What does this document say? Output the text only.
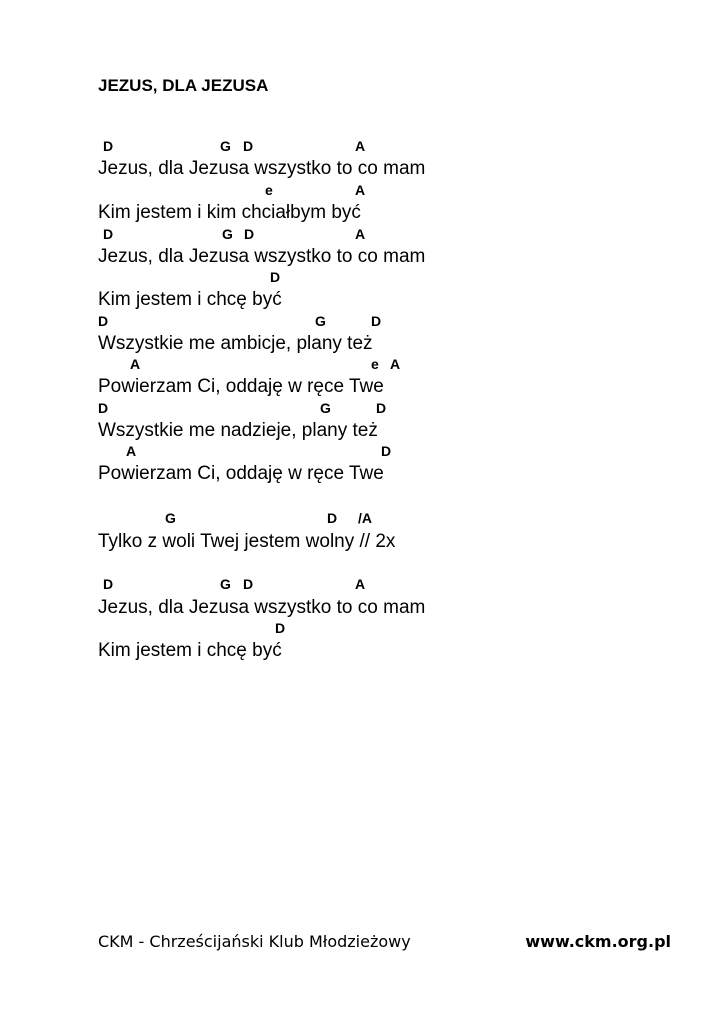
JEZUS, DLA JEZUSA
D	G D	A
Jezus, dla Jezusa wszystko to co mam
e	A
Kim jestem i kim chciałbym być
D	G D	A
Jezus, dla Jezusa wszystko to co mam
D
Kim jestem i chcę być
D	G	D
Wszystkie me ambicje, plany też
A	e A
Powierzam Ci, oddaję w ręce Twe
D	G	D
Wszystkie me nadzieje, plany też
A	D
Powierzam Ci, oddaję w ręce Twe
G	D /A
Tylko z woli Twej jestem wolny // 2x
D	G D	A
Jezus, dla Jezusa wszystko to co mam
D
Kim jestem i chcę być
CKM - Chrześcijański Klub Młodzieżowy	www.ckm.org.pl
